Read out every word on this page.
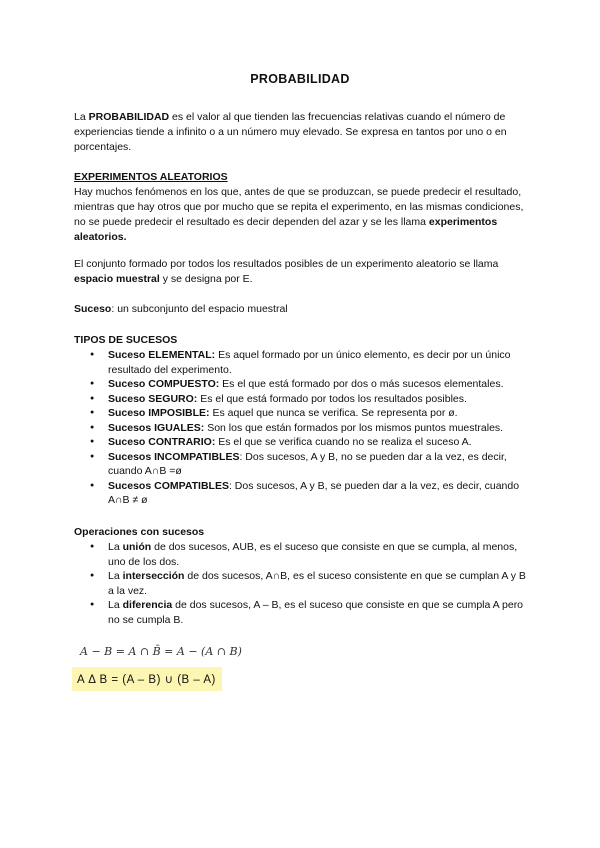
PROBABILIDAD

La PROBABILIDAD es el valor al que tienden las frecuencias relativas cuando el número de experiencias tiende a infinito o a un número muy elevado. Se expresa en tantos por uno o en porcentajes.

EXPERIMENTOS ALEATORIOS
Hay muchos fenómenos en los que, antes de que se produzcan, se puede predecir el resultado, mientras que hay otros que por mucho que se repita el experimento, en las mismas condiciones, no se puede predecir el resultado es decir dependen del azar y se les llama experimentos aleatorios.

El conjunto formado por todos los resultados posibles de un experimento aleatorio se llama espacio muestral y se designa por E.

Suceso: un subconjunto del espacio muestral

TIPOS DE SUCESOS
● Suceso ELEMENTAL: Es aquel formado por un único elemento, es decir por un único resultado del experimento.
● Suceso COMPUESTO: Es el que está formado por dos o más sucesos elementales.
● Suceso SEGURO: Es el que está formado por todos los resultados posibles.
● Suceso IMPOSIBLE: Es aquel que nunca se verifica. Se representa por ø.
● Sucesos IGUALES: Son los que están formados por los mismos puntos muestrales.
● Suceso CONTRARIO: Es el que se verifica cuando no se realiza el suceso A.
● Sucesos INCOMPATIBLES: Dos sucesos, A y B, no se pueden dar a la vez, es decir, cuando A∩B =ø
● Sucesos COMPATIBLES: Dos sucesos, A y B, se pueden dar a la vez, es decir, cuando A∩B ≠ ø
Operaciones con sucesos
● La unión de dos sucesos, AUB, es el suceso que consiste en que se cumpla, al menos, uno de los dos.
● La intersección de dos sucesos, A∩B, es el suceso consistente en que se cumplan A y B a la vez.
● La diferencia de dos sucesos, A – B, es el suceso que consiste en que se cumpla A pero no se cumpla B.
A − B = A ∩ B̄ = A − (A ∩ B)
A Δ B = (A – B) ∪ (B – A)
